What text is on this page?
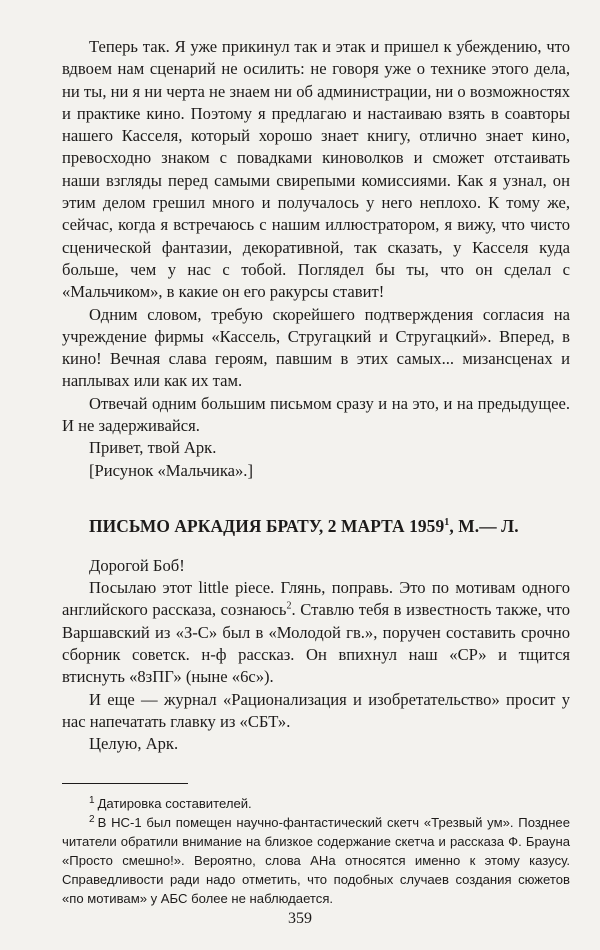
Теперь так. Я уже прикинул так и этак и пришел к убеждению, что вдвоем нам сценарий не осилить: не говоря уже о технике этого дела, ни ты, ни я ни черта не знаем ни об администрации, ни о возможностях и практике кино. Поэтому я предлагаю и настаиваю взять в соавторы нашего Касселя, который хорошо знает книгу, отлично знает кино, превосходно знаком с повадками киноволков и сможет отстаивать наши взгляды перед самыми свирепыми комиссиями. Как я узнал, он этим делом грешил много и получалось у него неплохо. К тому же, сейчас, когда я встречаюсь с нашим иллюстратором, я вижу, что чисто сценической фантазии, декоративной, так сказать, у Касселя куда больше, чем у нас с тобой. Поглядел бы ты, что он сделал с «Мальчиком», в какие он его ракурсы ставит!

Одним словом, требую скорейшего подтверждения согласия на учреждение фирмы «Кассель, Стругацкий и Стругацкий». Вперед, в кино! Вечная слава героям, павшим в этих самых... мизансценах и наплывах или как их там.

Отвечай одним большим письмом сразу и на это, и на предыдущее. И не задерживайся.

Привет, твой Арк.

[Рисунок «Мальчика».]

ПИСЬМО АРКАДИЯ БРАТУ, 2 МАРТА 1959$^1$, М.— Л.

Дорогой Боб!

Посылаю этот little piece. Глянь, поправь. Это по мотивам одного английского рассказа, сознаюсь$^2$. Ставлю тебя в известность также, что Варшавский из «З-С» был в «Молодой гв.», поручен составить срочно сборник советск. н-ф рассказ. Он впихнул наш «СР» и тщится втиснуть «8зПГ» (ныне «6с»).

И еще — журнал «Рационализация и изобретательство» просит у нас напечатать главку из «СБТ».

Целую, Арк.

$^1$ Датировка составителей.

$^2$ В НС-1 был помещен научно-фантастический скетч «Трезвый ум». Позднее читатели обратили внимание на близкое содержание скетча и рассказа Ф. Брауна «Просто смешно!». Вероятно, слова АНа относятся именно к этому казусу. Справедливости ради надо отметить, что подобных случаев создания сюжетов «по мотивам» у АБС более не наблюдается.

359
